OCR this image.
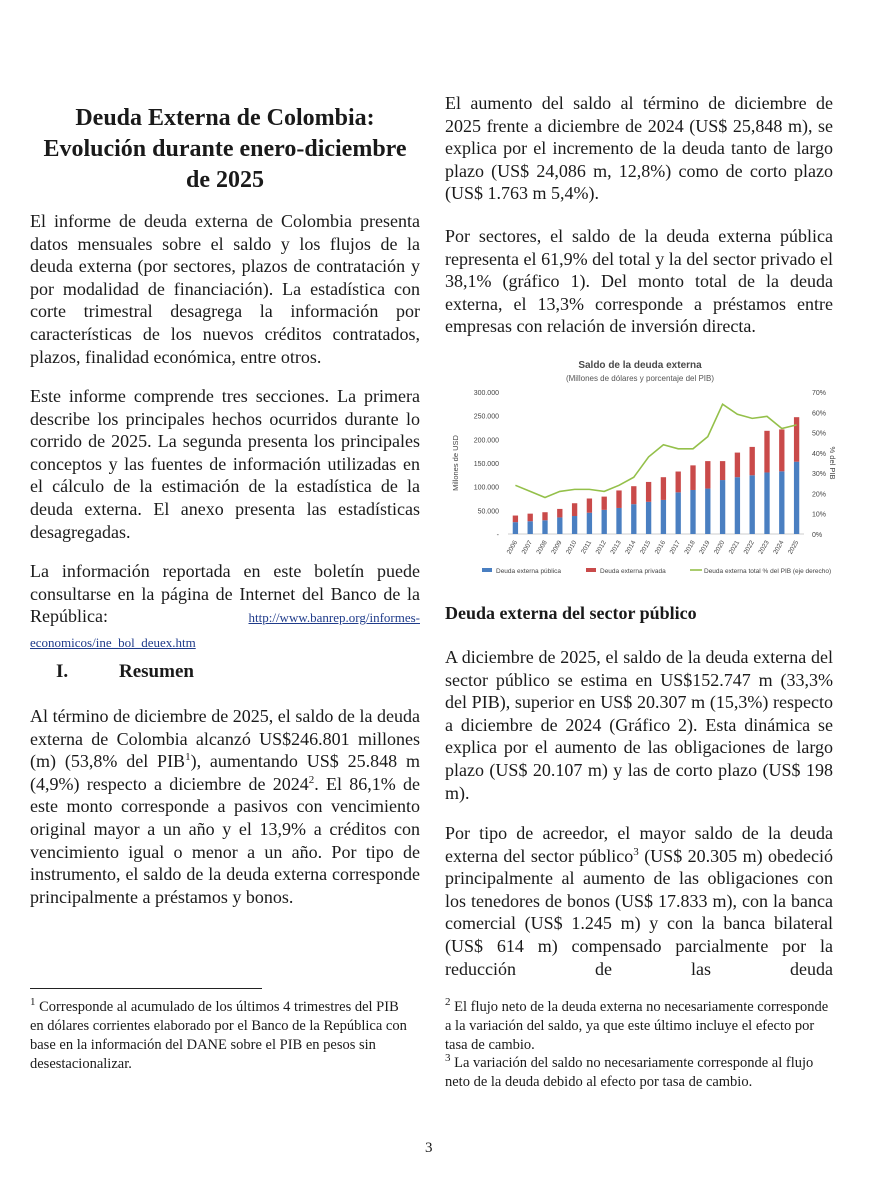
Deuda Externa de Colombia: Evolución durante enero-diciembre de 2025

El informe de deuda externa de Colombia presenta datos mensuales sobre el saldo y los flujos de la deuda externa (por sectores, plazos de contratación y por modalidad de financiación). La estadística con corte trimestral desagrega la información por características de los nuevos créditos contratados, plazos, finalidad económica, entre otros.

Este informe comprende tres secciones. La primera describe los principales hechos ocurridos durante lo corrido de 2025. La segunda presenta los principales conceptos y las fuentes de información utilizadas en el cálculo de la estimación de la estadística de la deuda externa. El anexo presenta las estadísticas desagregadas.

La información reportada en este boletín puede consultarse en la página de Internet del Banco de la República:	http://www.banrep.org/informes-economicos/ine_bol_deuex.htm

I.	Resumen

Al término de diciembre de 2025, el saldo de la deuda externa de Colombia alcanzó US$246.801 millones (m) (53,8% del PIB$^1$), aumentando US$ 25.848 m (4,9%) respecto a diciembre de 2024$^2$. El 86,1% de este monto corresponde a pasivos con vencimiento original mayor a un año y el 13,9% a créditos con vencimiento igual o menor a un año. Por tipo de instrumento, el saldo de la deuda externa corresponde principalmente a préstamos y bonos.

$^1$ Corresponde al acumulado de los últimos 4 trimestres del PIB en dólares corrientes elaborado por el Banco de la República con base en la información del DANE sobre el PIB en pesos sin desestacionalizar.

El aumento del saldo al término de diciembre de 2025 frente a diciembre de 2024 (US$ 25,848 m), se explica por el incremento de la deuda tanto de largo plazo (US$ 24,086 m, 12,8%) como de corto plazo (US$ 1.763 m 5,4%).

Por sectores, el saldo de la deuda externa pública representa el 61,9% del total y la del sector privado el 38,1% (gráfico 1). Del monto total de la deuda externa, el 13,3% corresponde a préstamos entre empresas con relación de inversión directa.

Saldo de la deuda externa
(Millones de dólares y porcentaje del PIB)
-
50.000
100.000
150.000
200.000
250.000
300.000
0%
10%
20%
30%
40%
50%
60%
70%
Millones de USD	% del PIB
2006 2007 2008 2009 2010 2011 2012 2013 2014 2015 2016 2017 2018 2019 2020 2021 2022 2023 2024 2025
Deuda externa pública	Deuda externa privada	Deuda externa total % del PIB (eje derecho)
Deuda externa del sector público

A diciembre de 2025, el saldo de la deuda externa del sector público se estima en US$152.747 m (33,3% del PIB), superior en US$ 20.307 m (15,3%) respecto a diciembre de 2024 (Gráfico 2). Esta dinámica se explica por el aumento de las obligaciones de largo plazo (US$ 20.107 m) y las de corto plazo (US$ 198 m).

Por tipo de acreedor, el mayor saldo de la deuda externa del sector público$^3$ (US$ 20.305 m) obedeció principalmente al aumento de las obligaciones con los tenedores de bonos (US$ 17.833 m), con la banca comercial (US$ 1.245 m) y con la banca bilateral (US$ 614 m) compensado parcialmente por la reducción de las deuda

$^2$ El flujo neto de la deuda externa no necesariamente corresponde a la variación del saldo, ya que este último incluye el efecto por tasa de cambio.

$^3$ La variación del saldo no necesariamente corresponde al flujo neto de la deuda debido al efecto por tasa de cambio.

3
